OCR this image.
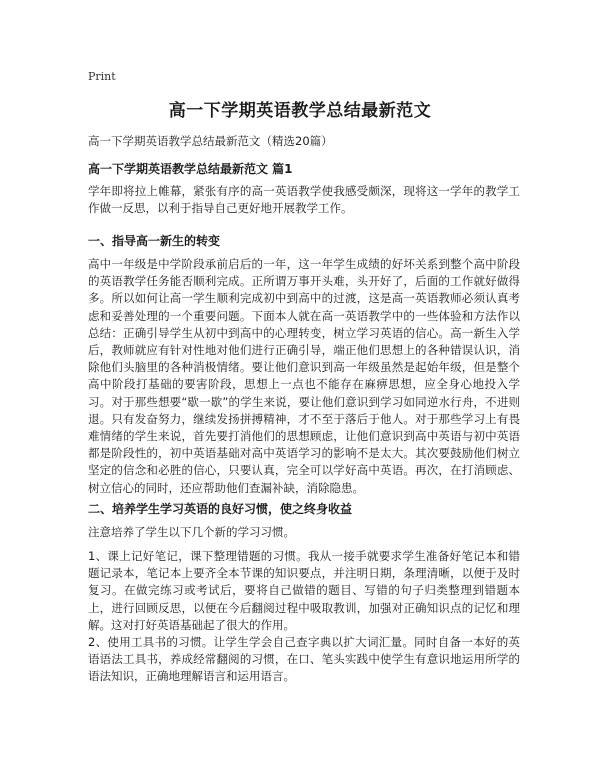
Print
高一下学期英语教学总结最新范文
高一下学期英语教学总结最新范文（精选20篇）
高一下学期英语教学总结最新范文 篇1

学年即将拉上帷幕，紧张有序的高一英语教学使我感受颇深，现将这一学年的教学工作做一反思，以利于指导自己更好地开展教学工作。

一、指导高一新生的转变

高中一年级是中学阶段承前启后的一年，这一年学生成绩的好坏关系到整个高中阶段的英语教学任务能否顺利完成。正所谓万事开头难，头开好了，后面的工作就好做得多。所以如何让高一学生顺利完成初中到高中的过渡，这是高一英语教师必须认真考虑和妥善处理的一个重要问题。下面本人就在高一英语教学中的一些体验和方法作以总结：正确引导学生从初中到高中的心理转变，树立学习英语的信心。高一新生入学后，教师就应有针对性地对他们进行正确引导，端正他们思想上的各种错误认识，消除他们头脑里的各种消极情绪。要让他们意识到高一年级虽然是起始年级，但是整个高中阶段打基础的要害阶段，思想上一点也不能存在麻痹思想，应全身心地投入学习。对于那些想要“歇一歇”的学生来说，要让他们意识到学习如同逆水行舟，不进则退。只有发奋努力，继续发扬拼搏精神，才不至于落后于他人。对于那些学习上有畏难情绪的学生来说，首先要打消他们的思想顾虑，让他们意识到高中英语与初中英语都是阶段性的，初中英语基础对高中英语学习的影响不是太大。其次要鼓励他们树立坚定的信念和必胜的信心，只要认真，完全可以学好高中英语。再次，在打消顾虑、树立信心的同时，还应帮助他们查漏补缺，消除隐患。

二、培养学生学习英语的良好习惯，使之终身收益

注意培养了学生以下几个新的学习习惯。

1、课上记好笔记，课下整理错题的习惯。我从一接手就要求学生准备好笔记本和错题记录本，笔记本上要齐全本节课的知识要点，并注明日期，条理清晰，以便于及时复习。在做完练习或考试后，要将自己做错的题目、写错的句子归类整理到错题本上，进行回顾反思，以便在今后翻阅过程中吸取教训，加强对正确知识点的记忆和理解。这对打好英语基础起了很大的作用。

2、使用工具书的习惯。让学生学会自己查字典以扩大词汇量。同时自备一本好的英语语法工具书，养成经常翻阅的习惯，在口、笔头实践中使学生有意识地运用所学的语法知识，正确地理解语言和运用语言。
